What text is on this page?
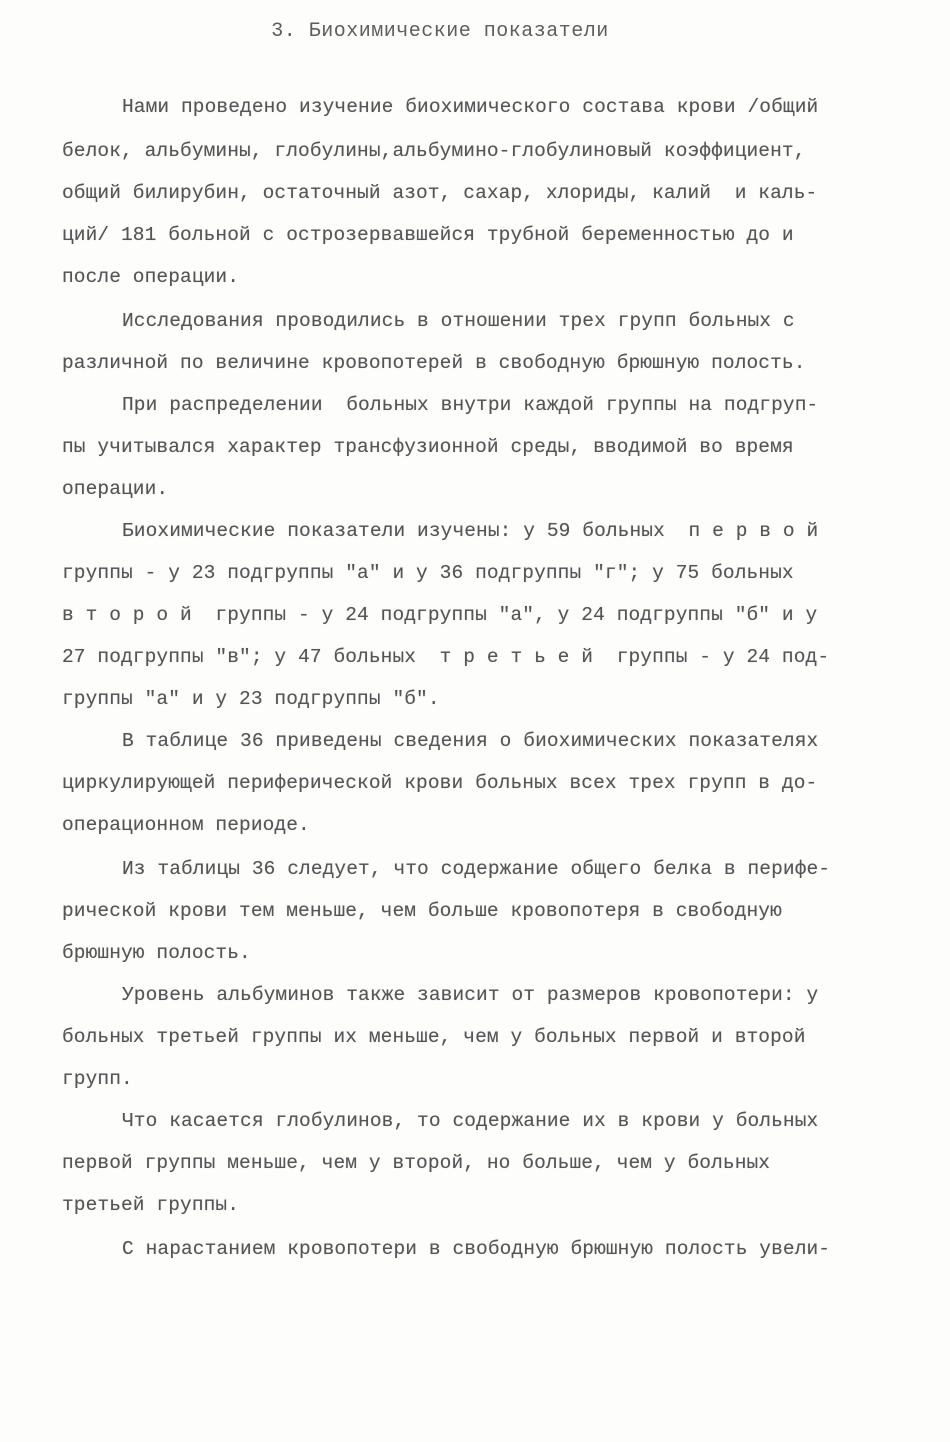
3. Биохимические показатели
Нами проведено изучение биохимического состава крови /общий
белок, альбумины, глобулины,альбумино-глобулиновый коэффициент,
общий билирубин, остаточный азот, сахар, хлориды, калий  и каль-
ций/ 181 больной с острозервавшейся трубной беременностью до и
после операции.
Исследования проводились в отношении трех групп больных с
различной по величине кровопотерей в свободную брюшную полость.
При распределении  больных внутри каждой группы на подгруп-
пы учитывался характер трансфузионной среды, вводимой во время
операции.
Биохимические показатели изучены: у 59 больных  п е р в о й
группы - у 23 подгруппы "а" и у 36 подгруппы "г"; у 75 больных
в т о р о й  группы - у 24 подгруппы "а", у 24 подгруппы "б" и у
27 подгруппы "в"; у 47 больных  т р е т ь е й  группы - у 24 под-
группы "а" и у 23 подгруппы "б".
В таблице 36 приведены сведения о биохимических показателях
циркулирующей периферической крови больных всех трех групп в до-
операционном периоде.
Из таблицы 36 следует, что содержание общего белка в перифе-
рической крови тем меньше, чем больше кровопотеря в свободную
брюшную полость.
Уровень альбуминов также зависит от размеров кровопотери: у
больных третьей группы их меньше, чем у больных первой и второй
групп.
Что касается глобулинов, то содержание их в крови у больных
первой группы меньше, чем у второй, но больше, чем у больных
третьей группы.
С нарастанием кровопотери в свободную брюшную полость увели-
